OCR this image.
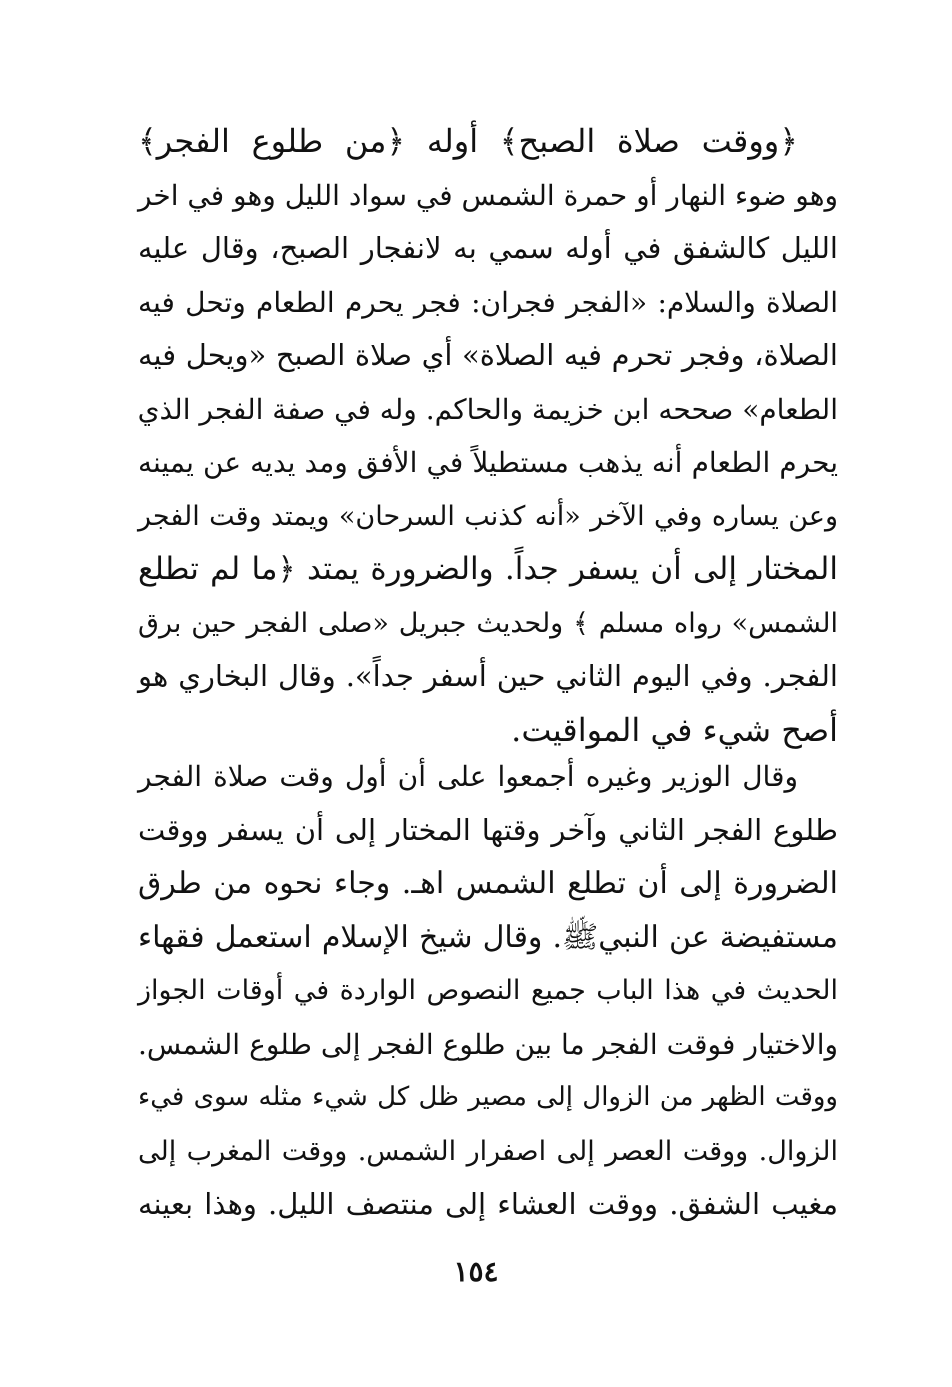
﴿ووقت صلاة الصبح﴾ أوله ﴿من طلوع الفجر﴾
وهو ضوء النهار أو حمرة الشمس في سواد الليل وهو في اخر
الليل كالشفق في أوله سمي به لانفجار الصبح، وقال عليه
الصلاة والسلام: «الفجر فجران: فجر يحرم الطعام وتحل فيه
الصلاة، وفجر تحرم فيه الصلاة» أي صلاة الصبح «ويحل فيه
الطعام» صححه ابن خزيمة والحاكم. وله في صفة الفجر الذي
يحرم الطعام أنه يذهب مستطيلاً في الأفق ومد يديه عن يمينه
وعن يساره وفي الآخر «أنه كذنب السرحان» ويمتد وقت الفجر
المختار إلى أن يسفر جداً. والضرورة يمتد ﴿ما لم تطلع
الشمس» رواه مسلم ﴾ ولحديث جبريل «صلى الفجر حين برق
الفجر. وفي اليوم الثاني حين أسفر جداً». وقال البخاري هو
أصح شيء في المواقيت.
وقال الوزير وغيره أجمعوا على أن أول وقت صلاة الفجر
طلوع الفجر الثاني وآخر وقتها المختار إلى أن يسفر ووقت
الضرورة إلى أن تطلع الشمس اهـ. وجاء نحوه من طرق
مستفيضة عن النبيﷺ. وقال شيخ الإسلام استعمل فقهاء
الحديث في هذا الباب جميع النصوص الواردة في أوقات الجواز
والاختيار فوقت الفجر ما بين طلوع الفجر إلى طلوع الشمس.
ووقت الظهر من الزوال إلى مصير ظل كل شيء مثله سوى فيء
الزوال. ووقت العصر إلى اصفرار الشمس. ووقت المغرب إلى
مغيب الشفق. ووقت العشاء إلى منتصف الليل. وهذا بعينه
١٥٤
